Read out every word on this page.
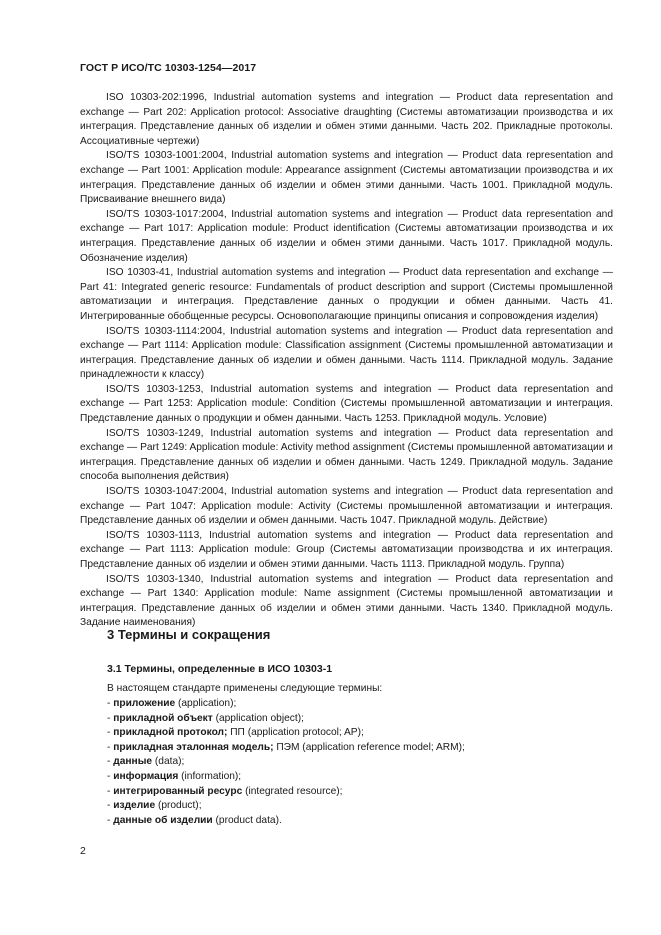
ГОСТ Р ИСО/ТС 10303-1254—2017

ISO 10303-202:1996, Industrial automation systems and integration — Product data representation and exchange — Part 202: Application protocol: Associative draughting (Системы автоматизации производства и их интеграция. Представление данных об изделии и обмен этими данными. Часть 202. Прикладные протоколы. Ассоциативные чертежи)

ISO/TS 10303-1001:2004, Industrial automation systems and integration — Product data representation and exchange — Part 1001: Application module: Appearance assignment (Системы автоматизации производства и их интеграция. Представление данных об изделии и обмен этими данными. Часть 1001. Прикладной модуль. Присваивание внешнего вида)

ISO/TS 10303-1017:2004, Industrial automation systems and integration — Product data representation and exchange — Part 1017: Application module: Product identification (Системы автоматизации производства и их интеграция. Представление данных об изделии и обмен этими данными. Часть 1017. Прикладной модуль. Обозначение изделия)

ISO 10303-41, Industrial automation systems and integration — Product data representation and exchange — Part 41: Integrated generic resource: Fundamentals of product description and support (Системы промышленной автоматизации и интеграция. Представление данных о продукции и обмен данными. Часть 41. Интегрированные обобщенные ресурсы. Основополагающие принципы описания и сопровождения изделия)

ISO/TS 10303-1114:2004, Industrial automation systems and integration — Product data representation and exchange — Part 1114: Application module: Classification assignment (Системы промышленной автоматизации и интеграция. Представление данных об изделии и обмен данными. Часть 1114. Прикладной модуль. Задание принадлежности к классу)

ISO/TS 10303-1253, Industrial automation systems and integration — Product data representation and exchange — Part 1253: Application module: Condition (Системы промышленной автоматизации и интеграция. Представление данных о продукции и обмен данными. Часть 1253. Прикладной модуль. Условие)

ISO/TS 10303-1249, Industrial automation systems and integration — Product data representation and exchange — Part 1249: Application module: Activity method assignment (Системы промышленной автоматизации и интеграция. Представление данных об изделии и обмен данными. Часть 1249. Прикладной модуль. Задание способа выполнения действия)

ISO/TS 10303-1047:2004, Industrial automation systems and integration — Product data representation and exchange — Part 1047: Application module: Activity (Системы промышленной автоматизации и интеграция. Представление данных об изделии и обмен данными. Часть 1047. Прикладной модуль. Действие)

ISO/TS 10303-1113, Industrial automation systems and integration — Product data representation and exchange — Part 1113: Application module: Group (Системы автоматизации производства и их интеграция. Представление данных об изделии и обмен этими данными. Часть 1113. Прикладной модуль. Группа)

ISO/TS 10303-1340, Industrial automation systems and integration — Product data representation and exchange — Part 1340: Application module: Name assignment (Системы промышленной автоматизации и интеграция. Представление данных об изделии и обмен этими данными. Часть 1340. Прикладной модуль. Задание наименования)

3 Термины и сокращения
3.1 Термины, определенные в ИСО 10303-1
В настоящем стандарте применены следующие термины:
- приложение (application);
- прикладной объект (application object);
- прикладной протокол; ПП (application protocol; AP);
- прикладная эталонная модель; ПЭМ (application reference model; ARM);
- данные (data);
- информация (information);
- интегрированный ресурс (integrated resource);
- изделие (product);
- данные об изделии (product data).
2
